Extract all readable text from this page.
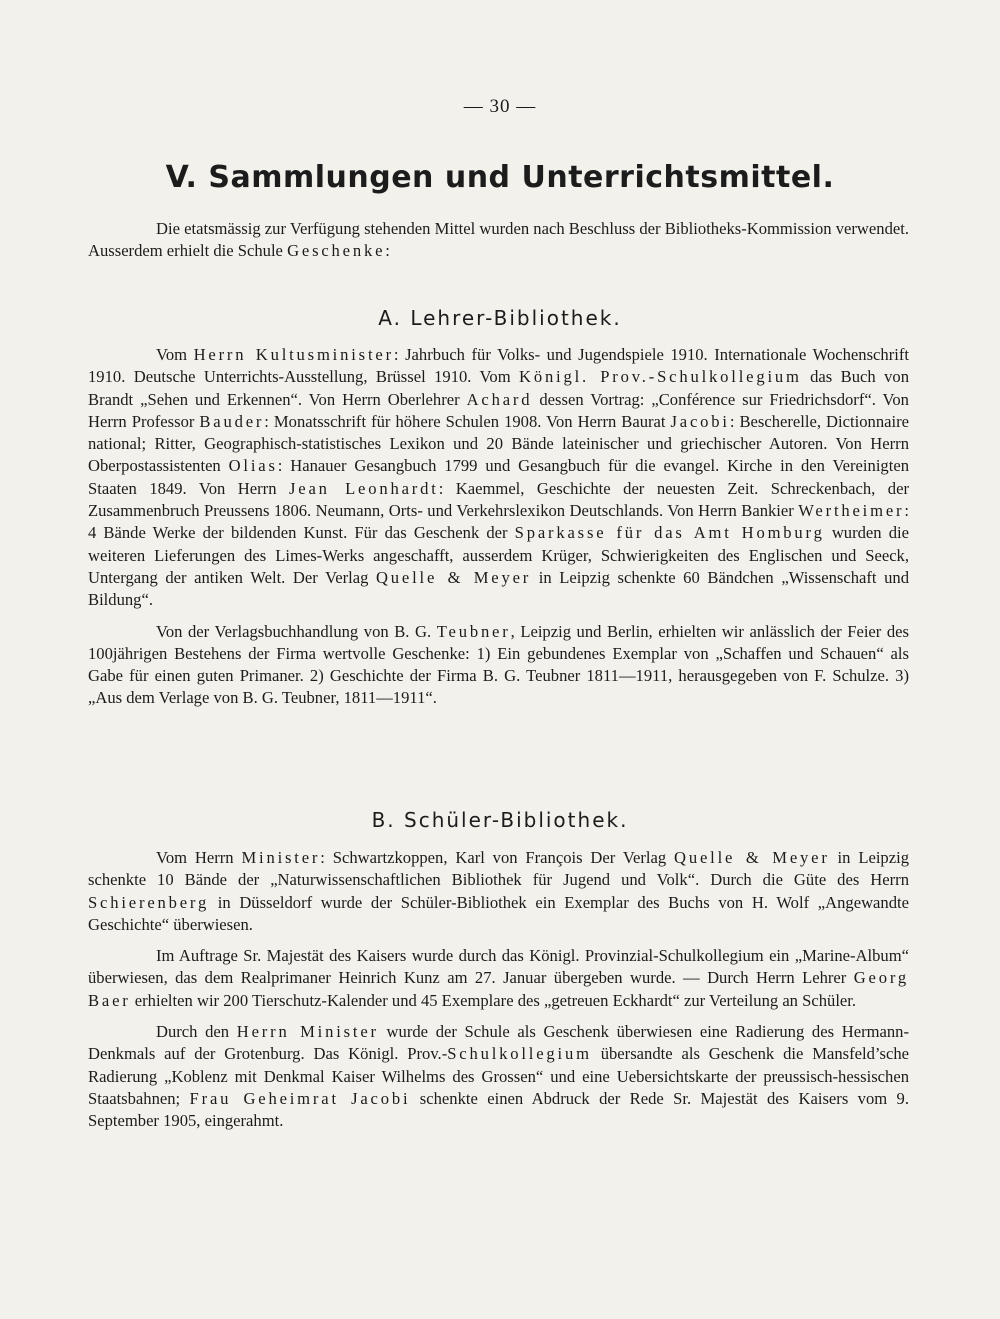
— 30 —
V. Sammlungen und Unterrichtsmittel.

Die etatsmässig zur Verfügung stehenden Mittel wurden nach Beschluss der Bibliotheks-Kommission verwendet. Ausserdem erhielt die Schule Geschenke:

A. Lehrer-Bibliothek.

Vom Herrn Kultusminister: Jahrbuch für Volks- und Jugendspiele 1910. Internationale Wochenschrift 1910. Deutsche Unterrichts-Ausstellung, Brüssel 1910. Vom Königl. Prov.-Schulkollegium das Buch von Brandt „Sehen und Erkennen“. Von Herrn Oberlehrer Achard dessen Vortrag: „Conférence sur Friedrichsdorf“. Von Herrn Professor Bauder: Monatsschrift für höhere Schulen 1908. Von Herrn Baurat Jacobi: Bescherelle, Dictionnaire national; Ritter, Geographisch-statistisches Lexikon und 20 Bände lateinischer und griechischer Autoren. Von Herrn Oberpostassistenten Olias: Hanauer Gesangbuch 1799 und Gesangbuch für die evangel. Kirche in den Vereinigten Staaten 1849. Von Herrn Jean Leonhardt: Kaemmel, Geschichte der neuesten Zeit. Schreckenbach, der Zusammenbruch Preussens 1806. Neumann, Orts- und Verkehrslexikon Deutschlands. Von Herrn Bankier Wertheimer: 4 Bände Werke der bildenden Kunst. Für das Geschenk der Sparkasse für das Amt Homburg wurden die weiteren Lieferungen des Limes-Werks angeschafft, ausserdem Krüger, Schwierigkeiten des Englischen und Seeck, Untergang der antiken Welt. Der Verlag Quelle & Meyer in Leipzig schenkte 60 Bändchen „Wissenschaft und Bildung“.

Von der Verlagsbuchhandlung von B. G. Teubner, Leipzig und Berlin, erhielten wir anlässlich der Feier des 100jährigen Bestehens der Firma wertvolle Geschenke: 1) Ein gebundenes Exemplar von „Schaffen und Schauen“ als Gabe für einen guten Primaner. 2) Geschichte der Firma B. G. Teubner 1811—1911, herausgegeben von F. Schulze. 3) „Aus dem Verlage von B. G. Teubner, 1811—1911“.

B. Schüler-Bibliothek.

Vom Herrn Minister: Schwartzkoppen, Karl von François Der Verlag Quelle & Meyer in Leipzig schenkte 10 Bände der „Naturwissenschaftlichen Bibliothek für Jugend und Volk“. Durch die Güte des Herrn Schierenberg in Düsseldorf wurde der Schüler-Bibliothek ein Exemplar des Buchs von H. Wolf „Angewandte Geschichte“ überwiesen.

Im Auftrage Sr. Majestät des Kaisers wurde durch das Königl. Provinzial-Schulkollegium ein „Marine-Album“ überwiesen, das dem Realprimaner Heinrich Kunz am 27. Januar übergeben wurde. — Durch Herrn Lehrer Georg Baer erhielten wir 200 Tierschutz-Kalender und 45 Exemplare des „getreuen Eckhardt“ zur Verteilung an Schüler.

Durch den Herrn Minister wurde der Schule als Geschenk überwiesen eine Radierung des Hermann-Denkmals auf der Grotenburg. Das Königl. Prov.-Schulkollegium übersandte als Geschenk die Mansfeld’sche Radierung „Koblenz mit Denkmal Kaiser Wilhelms des Grossen“ und eine Uebersichtskarte der preussisch-hessischen Staatsbahnen; Frau Geheimrat Jacobi schenkte einen Abdruck der Rede Sr. Majestät des Kaisers vom 9. September 1905, eingerahmt.
